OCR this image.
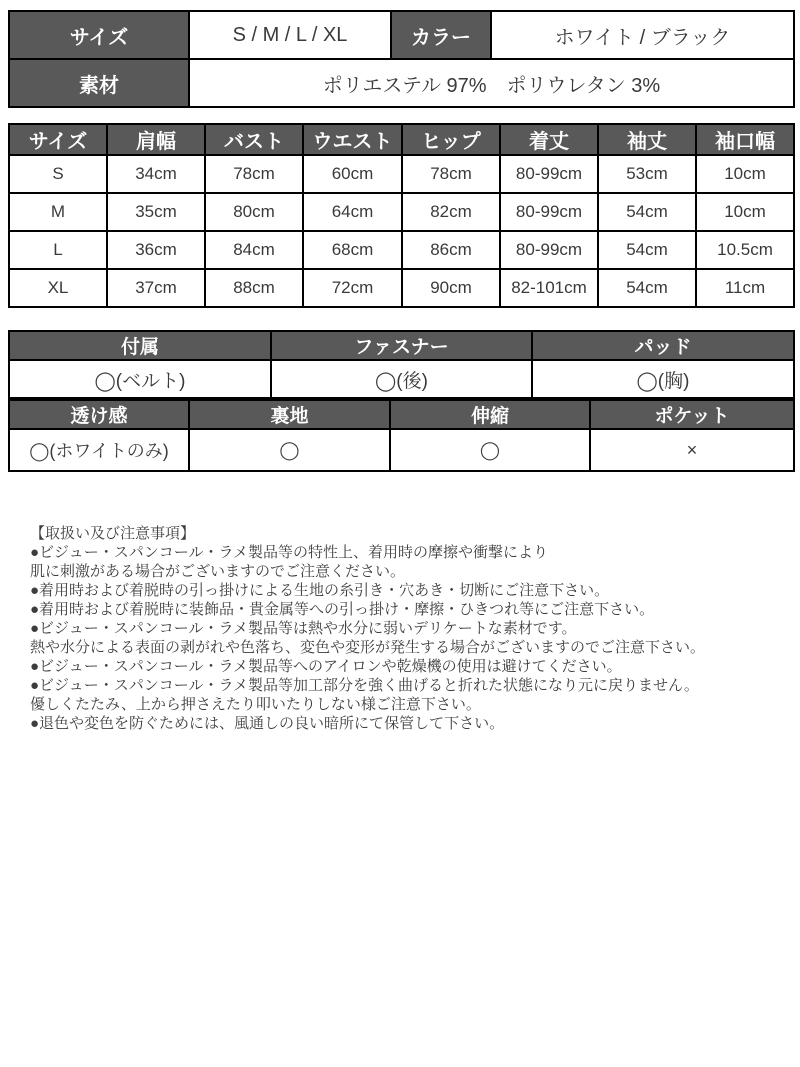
サイズ	S / M / L / XL	カラー	ホワイト / ブラック
素材	ポリエステル 97%　ポリウレタン 3%		
サイズ	肩幅	バスト	ウエスト	ヒップ	着丈	袖丈	袖口幅
S	34cm	78cm	60cm	78cm	80-99cm	53cm	10cm
M	35cm	80cm	64cm	82cm	80-99cm	54cm	10cm
L	36cm	84cm	68cm	86cm	80-99cm	54cm	10.5cm
XL	37cm	88cm	72cm	90cm	82-101cm	54cm	11cm
付属	ファスナー	パッド
◯(ベルト)	◯(後)	◯(胸)
透け感	裏地	伸縮	ポケット
◯(ホワイトのみ)	◯	◯	×
【取扱い及び注意事項】
●ビジュー・スパンコール・ラメ製品等の特性上、着用時の摩擦や衝撃により
肌に刺激がある場合がございますのでご注意ください。
●着用時および着脱時の引っ掛けによる生地の糸引き・穴あき・切断にご注意下さい。
●着用時および着脱時に装飾品・貴金属等への引っ掛け・摩擦・ひきつれ等にご注意下さい。
●ビジュー・スパンコール・ラメ製品等は熱や水分に弱いデリケートな素材です。
熱や水分による表面の剥がれや色落ち、変色や変形が発生する場合がございますのでご注意下さい。
●ビジュー・スパンコール・ラメ製品等へのアイロンや乾燥機の使用は避けてください。
●ビジュー・スパンコール・ラメ製品等加工部分を強く曲げると折れた状態になり元に戻りません。
優しくたたみ、上から押さえたり叩いたりしない様ご注意下さい。
●退色や変色を防ぐためには、風通しの良い暗所にて保管して下さい。
